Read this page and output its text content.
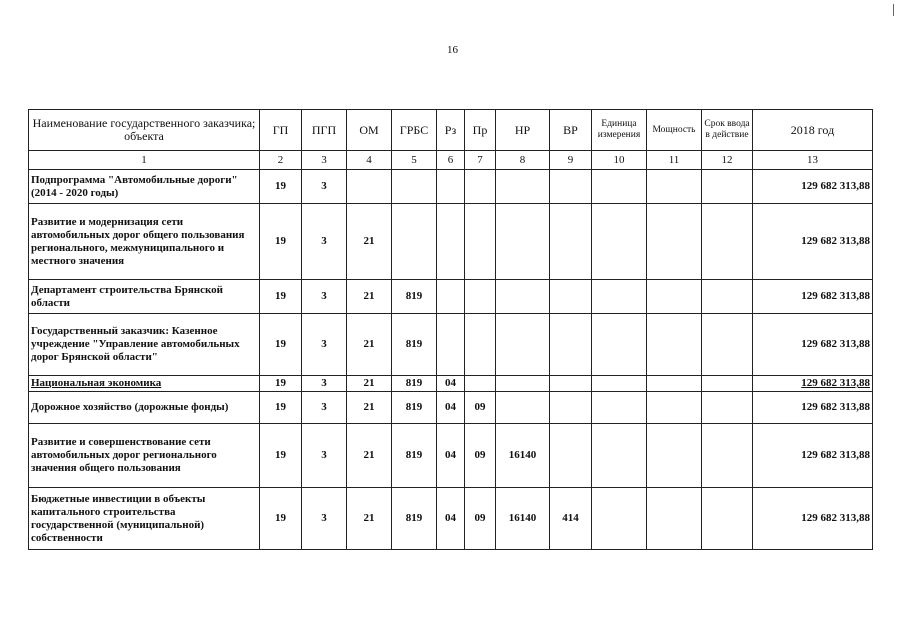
16
Наименование государственного заказчика; объекта	ГП	ПГП	ОМ	ГРБС	Рз	Пр	НР	ВР	Единица измерения	Мощность	Срок ввода в действие	2018 год
1	2	3	4	5	6	7	8	9	10	11	12	13
Подпрограмма "Автомобильные дороги" (2014 - 2020 годы)	19	3										129 682 313,88
Развитие и модернизация сети автомобильных дорог общего пользования регионального, межмуниципального и местного значения	19	3	21									129 682 313,88
Департамент строительства Брянской области	19	3	21	819								129 682 313,88
Государственный заказчик: Казенное учреждение "Управление автомобильных дорог Брянской области"	19	3	21	819								129 682 313,88
Национальная экономика	19	3	21	819	04							129 682 313,88
Дорожное хозяйство (дорожные фонды)	19	3	21	819	04	09						129 682 313,88
Развитие и совершенствование сети автомобильных дорог регионального значения общего пользования	19	3	21	819	04	09	16140					129 682 313,88
Бюджетные инвестиции в объекты капитального строительства государственной (муниципальной) собственности	19	3	21	819	04	09	16140	414				129 682 313,88
